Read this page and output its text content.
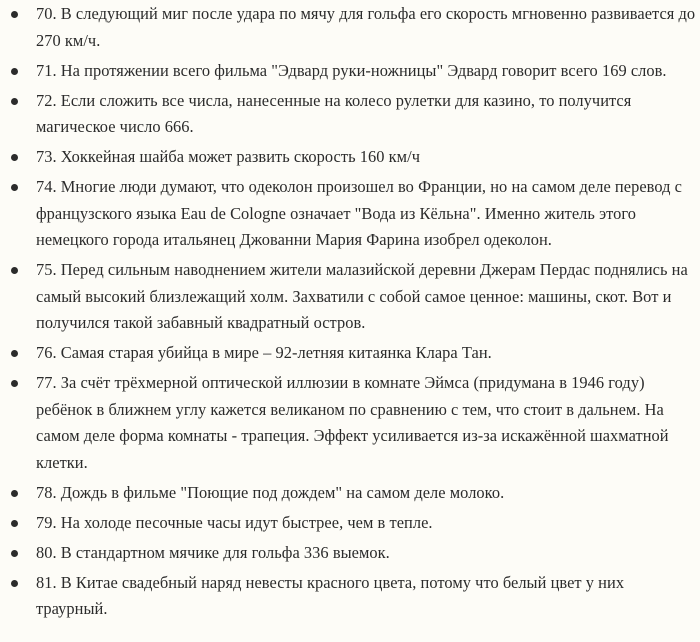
70. В следующий миг после удара по мячу для гольфа его скорость мгновенно развивается до 270 км/ч.
71. На протяжении всего фильма "Эдвард руки-ножницы" Эдвард говорит всего 169 слов.
72. Если сложить все числа, нанесенные на колесо рулетки для казино, то получится магическое число 666.
73. Хоккейная шайба может развить скорость 160 км/ч
74. Многие люди думают, что одеколон произошел во Франции, но на самом деле перевод с французского языка Eau de Cologne означает "Вода из Кёльна". Именно житель этого немецкого города итальянец Джованни Мария Фарина изобрел одеколон.
75. Перед сильным наводнением жители малазийской деревни Джерам Пердас поднялись на самый высокий близлежащий холм. Захватили с собой самое ценное: машины, скот. Вот и получился такой забавный квадратный остров.
76. Самая старая убийца в мире – 92-летняя китаянка Клара Тан.
77. За счёт трёхмерной оптической иллюзии в комнате Эймса (придумана в 1946 году) ребёнок в ближнем углу кажется великаном по сравнению с тем, что стоит в дальнем. На самом деле форма комнаты - трапеция. Эффект усиливается из-за искажённой шахматной клетки.
78. Дождь в фильме "Поющие под дождем" на самом деле молоко.
79. На холоде песочные часы идут быстрее, чем в тепле.
80. В стандартном мячике для гольфа 336 выемок.
81. В Китае свадебный наряд невесты красного цвета, потому что белый цвет у них траурный.
